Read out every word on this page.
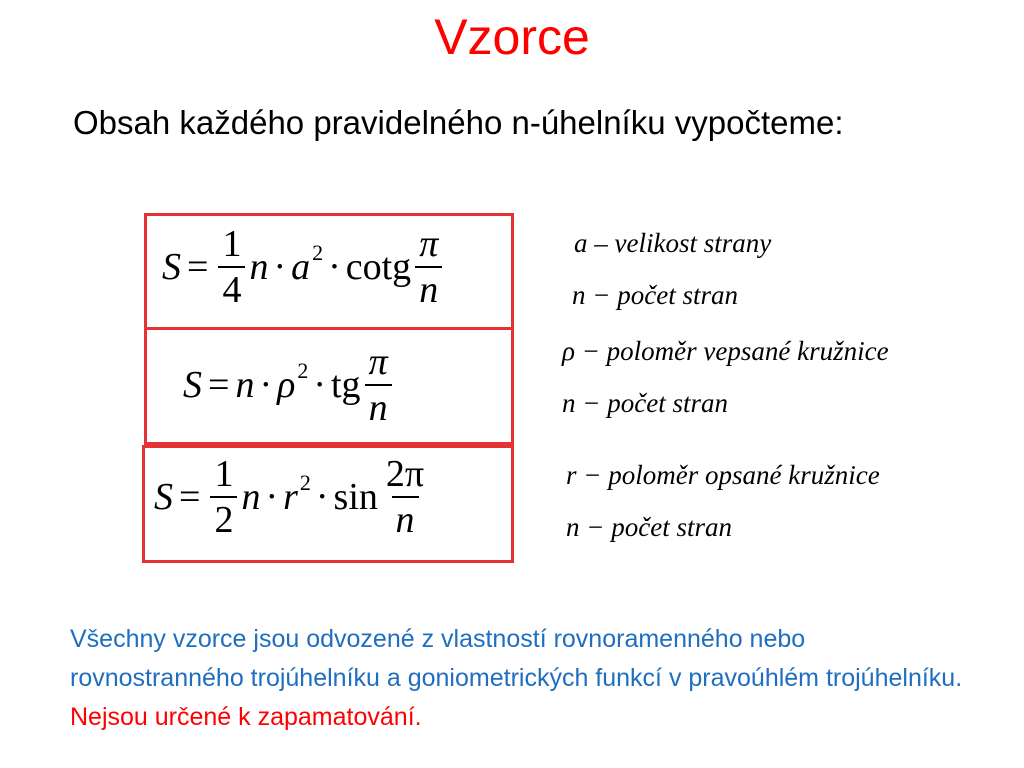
Vzorce
Obsah každého pravidelného n-úhelníku vypočteme:
$S = \frac{1}{4}$ n · a 2 · cotg $\frac{\pi}{n}$
S = n · ρ 2 · tg $\frac{\pi}{n}$
$S = \frac{1}{2}$ n · r $2 \cdot \sin \frac{2\pi}{n}$
a – velikost strany
n − počet stran
ρ − poloměr vepsané kružnice
n − počet stran
r − poloměr opsané kružnice
n − počet stran
Všechny vzorce jsou odvozené z vlastností rovnoramenného nebo rovnostranného trojúhelníku a goniometrických funkcí v pravoúhlém trojúhelníku. Nejsou určené k zapamatování.
